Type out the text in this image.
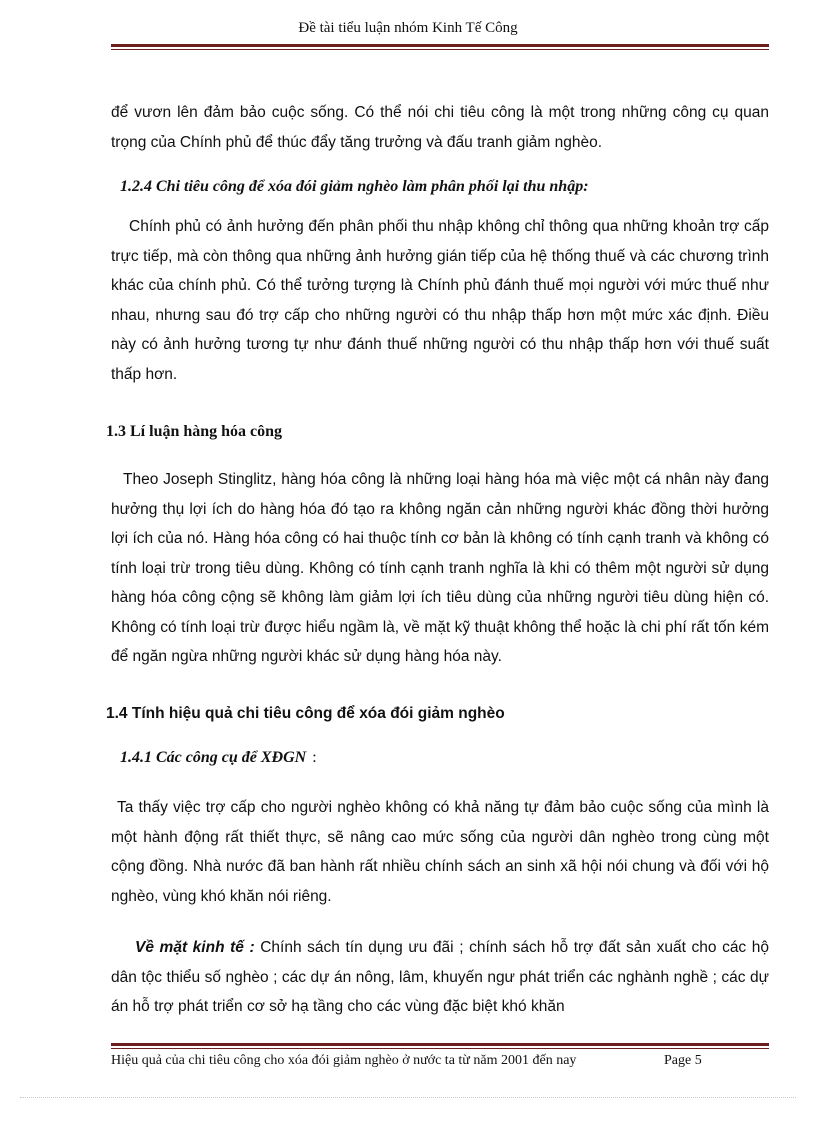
Đề tài tiểu luận nhóm Kinh Tế Công
để vươn lên đảm bảo cuộc sống. Có thể nói chi tiêu công là một trong những công cụ quan trọng của Chính phủ để thúc đẩy tăng trưởng và đấu tranh giảm nghèo.
1.2.4 Chi tiêu công để xóa đói giảm nghèo làm phân phối lại thu nhập:
Chính phủ có ảnh hưởng đến phân phối thu nhập không chỉ thông qua những khoản trợ cấp trực tiếp, mà còn thông qua những ảnh hưởng gián tiếp của hệ thống thuế và các chương trình khác của chính phủ. Có thể tưởng tượng là Chính phủ đánh thuế mọi người với mức thuế như nhau, nhưng sau đó trợ cấp cho những người có thu nhập thấp hơn một mức xác định. Điều này có ảnh hưởng tương tự như đánh thuế những người có thu nhập thấp hơn với thuế suất thấp hơn.
1.3 Lí luận hàng hóa công
Theo Joseph Stinglitz, hàng hóa công là những loại hàng hóa mà việc một cá nhân này đang hưởng thụ lợi ích do hàng hóa đó tạo ra không ngăn cản những người khác đồng thời hưởng lợi ích của nó. Hàng hóa công có hai thuộc tính cơ bản là không có tính cạnh tranh và không có tính loại trừ trong tiêu dùng. Không có tính cạnh tranh nghĩa là khi có thêm một người sử dụng hàng hóa công cộng sẽ không làm giảm lợi ích tiêu dùng của những người tiêu dùng hiện có. Không có tính loại trừ được hiểu ngầm là, về mặt kỹ thuật không thể hoặc là chi phí rất tốn kém để ngăn ngừa những người khác sử dụng hàng hóa này.
1.4 Tính hiệu quả chi tiêu công để xóa đói giảm nghèo
1.4.1 Các công cụ để XĐGN :
Ta thấy việc trợ cấp cho người nghèo không có khả năng tự đảm bảo cuộc sống của mình là một hành động rất thiết thực, sẽ nâng cao mức sống của người dân nghèo trong cùng một cộng đồng. Nhà nước đã ban hành rất nhiều chính sách an sinh xã hội nói chung và đối với hộ nghèo, vùng khó khăn nói riêng.
Về mặt kinh tế : Chính sách tín dụng ưu đãi ; chính sách hỗ trợ đất sản xuất cho các hộ dân tộc thiểu số nghèo ; các dự án nông, lâm, khuyến ngư phát triển các nghành nghề ; các dự án hỗ trợ phát triển cơ sở hạ tầng cho các vùng đặc biệt khó khăn
Hiệu quả của chi tiêu công cho xóa đói giảm nghèo ở nước ta từ năm 2001 đến nay	Page 5
